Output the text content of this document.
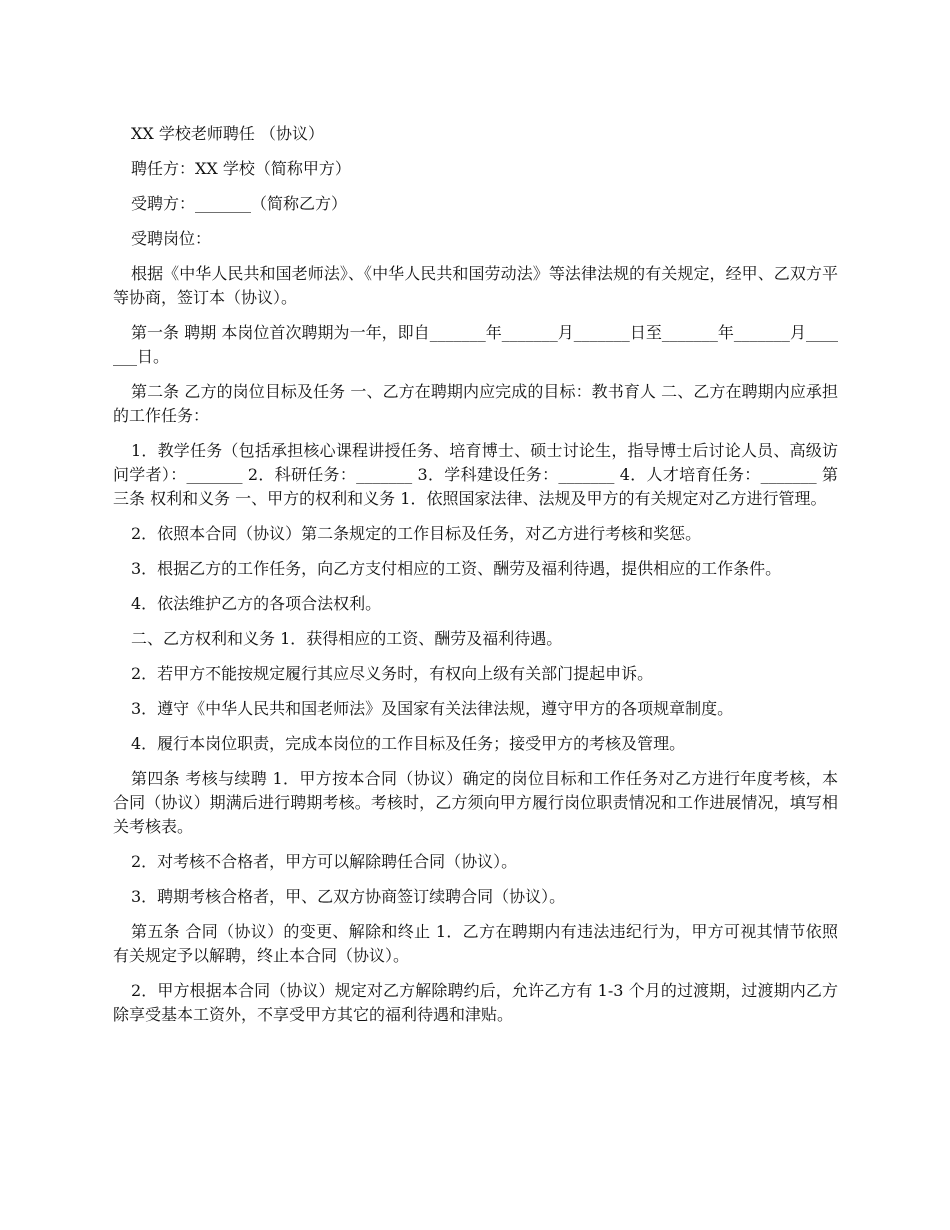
XX 学校老师聘任 （协议）

聘任方：XX 学校（简称甲方）

受聘方：_______（简称乙方）

受聘岗位：

根据《中华人民共和国老师法》、《中华人民共和国劳动法》等法律法规的有关规定，经甲、乙双方平等协商，签订本（协议）。

第一条 聘期 本岗位首次聘期为一年，即自_______年_______月_______日至_______年_______月_______日。

第二条 乙方的岗位目标及任务 一、乙方在聘期内应完成的目标：教书育人 二、乙方在聘期内应承担的工作任务：

1．教学任务（包括承担核心课程讲授任务、培育博士、硕士讨论生，指导博士后讨论人员、高级访问学者）：_______ 2．科研任务：_______ 3．学科建设任务：_______ 4．人才培育任务：_______ 第三条 权利和义务 一、甲方的权利和义务 1．依照国家法律、法规及甲方的有关规定对乙方进行管理。

2．依照本合同（协议）第二条规定的工作目标及任务，对乙方进行考核和奖惩。

3．根据乙方的工作任务，向乙方支付相应的工资、酬劳及福利待遇，提供相应的工作条件。

4．依法维护乙方的各项合法权利。

二、乙方权利和义务 1．获得相应的工资、酬劳及福利待遇。

2．若甲方不能按规定履行其应尽义务时，有权向上级有关部门提起申诉。

3．遵守《中华人民共和国老师法》及国家有关法律法规，遵守甲方的各项规章制度。

4．履行本岗位职责，完成本岗位的工作目标及任务；接受甲方的考核及管理。

第四条 考核与续聘 1．甲方按本合同（协议）确定的岗位目标和工作任务对乙方进行年度考核，本合同（协议）期满后进行聘期考核。考核时，乙方须向甲方履行岗位职责情况和工作进展情况，填写相关考核表。

2．对考核不合格者，甲方可以解除聘任合同（协议）。

3．聘期考核合格者，甲、乙双方协商签订续聘合同（协议）。

第五条 合同（协议）的变更、解除和终止 1．乙方在聘期内有违法违纪行为，甲方可视其情节依照有关规定予以解聘，终止本合同（协议）。

2．甲方根据本合同（协议）规定对乙方解除聘约后，允许乙方有 1-3 个月的过渡期，过渡期内乙方除享受基本工资外，不享受甲方其它的福利待遇和津贴。
